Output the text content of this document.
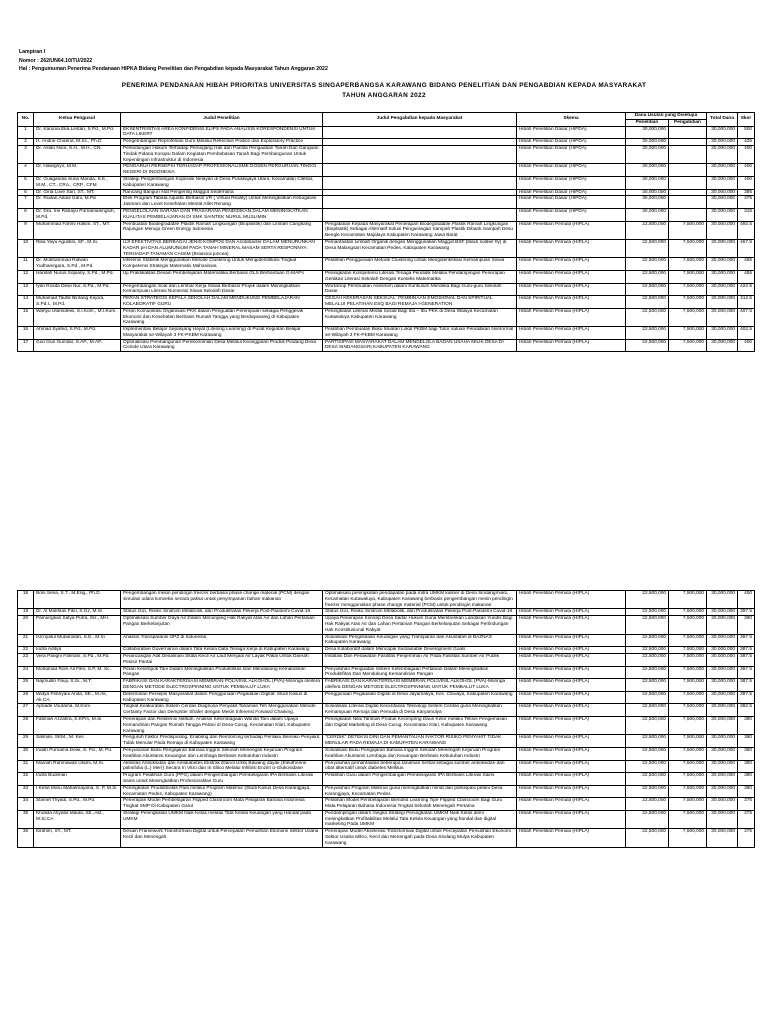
Lampiran I
Nomor : 262/UN64.10/TU/2022
Hal : Pengumuman Penerima Pendanaan HIPKA Bidang Penelitian dan Pengabdian kepada Masyarakat Tahun Anggaran 2022
PENERIMA PENDANAAN HIBAH PRIORITAS UNIVERSITAS SINGAPERBANGSA KARAWANG BIDANG PENELITIAN DAN PENGABDIAN KEPADA MASYARAKAT
TAHUN ANGGARAN 2022
No.	Ketua Pengusul	Judul Penelitian	Judul Pengabdian kepada Masyarakat	Skema	Dana Usulan yang Disetujui		Total Dana	Skor
					Penelitian	Pengabdian		
1	Dr. Karunia Eka Lestari, S.Pd., M.Pd.	EKSENTRISITAS AREA KONFIDENSI ELIPS PADA ANALISIS KORESPONDENSI UNTUK DATA LIKERT		Hibah Penelitian Dasar (HIPDA)	30,000,000		30,000,000	500
2	H. Andrie Chaerul, M.Sc., Ph.D	Pengembangan Reprofesian Guru Melalui Reflective Pratice dan Exploratory Practice		Hibah Penelitian Dasar (HIPDA)	30,000,000		30,000,000	425
3	Dr. Aslan Noor, S.H., M.H., CN.	Perlindungan Hukum Terhadap Pemegang Hak dan Pantita Pengadaan Tanah Dan Ganguan Tindak Pidana Korupsi Dalam Kegiatan Pembebasan Tanah Bagi Pembangunan Untuk Kepentingan Infrastruktur di Indonesia		Hibah Penelitian Dasar (HIPDA)	30,000,000		30,000,000	400
4	Dr. Hawignyo, M.M.	PENGARUH PERSEPSI TERHADAP PROFESIONALISME DOSEN PERGURUAN TINGGI NEGERI DI INDONESIA		Hibah Penelitian Dasar (HIPDA)	30,000,000		30,000,000	400
5	Dr. Guagandia Suria Manda, S.E., M.M., CT., CRA., CRP., CFM	Strategi Pengembangan Koperasi Nelayan di Desa Pusakajaya Utara, Kecamatan Cilebar, Kabupaten Karawang		Hibah Penelitian Dasar (HIPDA)	30,000,000		30,000,000	400
6	Dr. Gina Love Sari, ST., MT.	Rancang Bangun Alat Pengering Maggot Sederhana		Hibah Penelitian Dasar (HIPDA)	30,000,000		30,000,000	385
7	Dr. Rudan Abdul Gani, M.Pd	Efek Program Tabata Aquatic Berbasis VR ( Virtual Reality) Untuk Meningkatkan Kebugaran Jasmani dan Level Kesehatan Mental Atlet Renang		Hibah Penelitian Dasar (HIPDA)	30,000,000		30,000,000	375
8	Dr. Dra. Ine Rahayu Purnamaningsih, M.Pd.	PENGELOLAAN SARANA DAN PRASARANA PENDIDIKAN DALAM MENINGKATKAN KUALITAS PEMBELAJARAN DI SMK SAINTEK NURUL MUSLIMIN		Hibah Penelitian Dasar (HIPDA)	30,000,000		30,000,000	315
9	Muhammad Fahmi Hakim, ST., MT.	Pembuatan Biodegradable Plastik Ramah Lingkungan (Bioplastik) dari Limbah Cangkang Rajungan Menuju Green Energy Indonesia	Pengabdian Kepada Masyarakat Penerapan Biodegradable Plastik Ramah Lingkungan (Bioplastik) Sebagai Alternatif Solusi Pengurangan Sampah Plastik Dibank Sampah Desu Bengle Kecamatan Majalaya Kabupaten Karawang Jawa Barat	Hibah Penelitian Pemula (HIPLA)	22,500,000	7,500,000	30,000,000	492.5
10	Rika Yayu Agustini, SF., M.Si.	UJI EFEKTIVITAS BERBAGAI JENIS KOMPOS DAN Azotobacter DALAM MENURUNKAN KADAR pH DAN ALUMUNIUM PADA TANAH MINERAL MASAM SERTA RESPONNYA TERHADAP TANAMAN CAISIM (Brassica juncea)	Pemanfaatan Limbah Organik dengan Menggunakan Maggot BSF (black soldier fly) di Desa Malangsari Kecamatan Pedes, Kabupaten Karawang	Hibah Penelitian Pemula (HIPLA)	22,500,000	7,500,000	30,000,000	467.5
11	Dr. Mokhammad Ridwan Yudhanegara, S.Pd., M.Pd.	Inferensi Statistik Menggunakan Metode Clustering Untuk Mengidentifikasi Tingkat Kompetensi Strategis Matematis Mahasiswa	Pelatihan Penggunaan Metode Clustering Untuk Mengidentifikasi Kemampuan Siswa	Hibah Penelitian Pemula (HIPLA)	22,500,000	7,500,000	30,000,000	465
12	Hanifah Nurus Sopiany, S.Pd., M.Pd.	Uji Praktikalitas Desain Pembelajaran Matematika Berbasis GLS Berbantuan G-MAPs	Peningkatan Kompetensi Literasi Tenaga Pendidik Melalui Pendampingan Penerapan Gerakan Literasi Sekolah Dengan Konteks Matematika	Hibah Penelitian Pemula (HIPLA)	22,500,000	7,500,000	30,000,000	455
13	Iyan Rosita Dewi Nur, S.Pd., M.Pd.	Pengembangan Soal dan Lembar Kerja Siswa Berbasis Projek dalam Meningkatkan Kemampuan Literasi Numerasi Siswa Sekolah Dasar	Workshop Pembuatan Asesmen dalam Kurikulum Merdeka Bagi Guru-guru Sekolah Dasar	Hibah Penelitian Pemula (HIPLA)	22,500,000	7,500,000	30,000,000	422.5
14	Muhamad Taufik Bintang Kejora, S.Pd.I., M.Pd.	PERAN STRATEGIS KEPALA SEKOLAH DALAM MENDUKUNG PEMBELAJARAN KOLABORATIF GURU	CEGAH KEKERASAN SEKSUAL: PEMBINAAN EMOSIONAL DAN SPIRITUAL MELALUI PELATIHAN ESQ BAGI REMAJA I-GENERATION	Hibah Penelitian Pemula (HIPLA)	22,500,000	7,500,000	30,000,000	412.5
15	Wahyu Utamidewi, S.I.Kom., M.I.Kom.	Peran Komunikasi Organisasi PKK dalam Penguatan Perempuan sebagai Penggerak Ekonomi dan Kesehatan Berbasis Rumah Tangga yang Berdayasaing di Kabupaten Karawang	Peningkatan Literasi Media Sosial Bagi Ibu – Ibu PKK di Desa Waluya Kecamatan Kutawaluya Kabupaten Karawang	Hibah Penelitian Pemula (HIPLA)	22,500,000	7,500,000	30,000,000	407.5
16	Ahmad Syahid, S.Pd., M.Pd.	Implementasi Belajar Sepanjang Hayat (Lifelong Learning) di Pusat Kegiatan Belajar Masyarakat se-Wilayah 3 FK-PKBM Karawang	Pelatihan Pembuatan Buku Muatan Lokal PKBM bagi Tutor satuan Pendidikan Nonformal se-Wilayah 3 FK-PKBM Karawang	Hibah Penelitian Pemula (HIPLA)	22,500,000	7,500,000	30,000,000	402.5
17	Gun Gun Gumilar, S.AP., M.AP.	Optimalisasi Pembangunan Perekonomian Desa Melalui Keunggulan Produk Pindang Desa Cicinde Utara Karawang	PARTISIPASI MASYARAKAT DALAM MENGELOLA BADAN USAHA MILIK DESA DI DESA SINDANGSARI KABUPATEN KARAWANG	Hibah Penelitian Pemula (HIPLA)	22,500,000	7,500,000	30,000,000	400
18	Boni Sena, S.T., M.Eng., Ph.D	Pengembangan mesin pendingin freezer berbasis phase change material (PCM) dengan simulasi udara konveksi secara paksa untuk penyimpanan bahan makanan	Optimalisasi peningkatan pendapatan pada mitra UMKM kuliner di Desa Sindangmukti, Kecamatan Kutawaluya, Kabupaten Karawang berbasis pengembangan mesin pendingin freezer menggunakan phase change material (PCM) untuk pendingin makanan	Hibah Penelitian Pemula (HIPLA)	22,500,000	7,500,000	30,000,000	400
19	Dr. Al Mukhlas Fikri, S.Gz, M.Si	Status Gizi, Risiko Sindrom Metabolik, dan Produktivitas Pekerja Post-Pandemi Covid-19	Status Gizi, Risiko Sindrom Metabolik, dan Produktivitas Pekerja Post-Pandemi Covid-19	Hibah Penelitian Pemula (HIPLA)	22,500,000	7,500,000	30,000,000	397.5
20	Pamungkas Satya Putra, SH., MH.	Optimalisasi Sumber Daya Air Dalam Menunjang Hak Rakyat Atas Air dan Lahan Pertanian Pangan Berkelanjutan	Upaya Penerapan Konsep Desa Sadar Hukum Guna Memberikan Landasan Yuridis Bagi Hak Rakyat Atas Air dan Lahan Pertanian Pangan Berkelanjutan Sebagai Perlindungan Hak Konstitusional Rakyat	Hibah Penelitian Pemula (HIPLA)	22,500,000	7,500,000	30,000,000	390
21	Isro'iyatul Mubarokah, S.E., M.Si	Analisis Transparansi OPZ di Indonesia	Sosialisasi Pengelolaan Keuangan yang Transparan dan Akuntabel di BAZNAS Kabupaten Karawang	Hibah Penelitian Pemula (HIPLA)	22,500,000	7,500,000	30,000,000	387.5
22	Indra Aditya	Collaborative Governance dalam Tata Kelola Data Tenaga Kerja di Kabupaten Karawang	Desa Kolaboratif dalam Mencapai Sustainable Development Goals	Hibah Penelitian Pemula (HIPLA)	22,500,000	7,500,000	30,000,000	387.5
23	Vera Pangni Fahriani, S.Pd., M.Pd.	Perancangan Alat Desalinasi Skala Kecil Air Laut Menjadi Air Layak Pakai Untuk Daerah Pesisir Pantai	Instalasi Dan Perawatan Fasilitas Penjernihan Air Pada Fasilitas Sumber Air Publik	Hibah Penelitian Pemula (HIPLA)	22,500,000	7,500,000	30,000,000	387.5
24	Mohamad Rom Ali Fikri, S.P, M. Sc.	Peran Kelompok Tani Dalam Meningkatkan Produktifitas Dan Mendukung Kemandirian Pangan	Penyuluhan Penguatan Sistem Kelembagaan Pertanian Dalam Meningkatkan Produktifitas Dan Mendukung Kemandirian Pangan	Hibah Penelitian Pemula (HIPLA)	22,500,000	7,500,000	30,000,000	387.5
25	Najmudin Fauji, S.Si., M.T.	FABRIKASI DAN KARAKTERISASI MEMBRAN POLIVINIL ALKOHOL (PVA)-Moringa oleifera DENGAN METODE ELECTROSPINNING UNTUK PEMBALUT LUKA	FABRIKASI DAN KARAKTERISASI MEMBRAN POLIVINIL ALKOHOL (PVA)-Moringa oleifera DENGAN METODE ELECTROSPINNING UNTUK PEMBALUT LUKA	Hibah Penelitian Pemula (HIPLA)	22,500,000	7,500,000	30,000,000	387.5
26	Widya Febriyani Anita, SE., M.Ak, Ak.CA.	Determinan Persepsi Masyarakat dalam Penggunaan Pegadaian Digital: Studi Kasus di Kabupaten Karawang	Penggunaan Pegadaian Digital di Desa Jayamakya, Kec. Cibuaya, Kabupaten Karawang	Hibah Penelitian Pemula (HIPLA)	22,500,000	7,500,000	30,000,000	387.5
27	Apriade Voutama, M.Kom.	Tingkat Keakuratan Sistem Cerdas Diagnosa Penyakit Tanaman Teh Menggunakan Metode Certainty Factor dan Dempster Shafer dengan Mesin Inferensi Forward Chaining.	Sosialisasi Literasi Digital Kecerdasan Teknologi Sistem Cerdas guna Meningkatkan Kemampuan Remaja dan Pemuda di Desa Karyamulya	Hibah Penelitian Pemula (HIPLA)	22,500,000	7,500,000	30,000,000	382.5
28	Fatimah Azzahra, S.KPm, M.Si	Penerapan dan Resiliensi Nafkah: Analisis Kelembagaan Wanita Tani dalam Upaya Kemandirian Pangan Rumah Tangga Petani di Desa Curug, Kecamatan Klari, Kabupaten Karawang	Peningkatan Nilai Tambah Produk Kecimpring Daun Kelor melalui Teknik Pengemasan dan Digital Marketing di Desa Curug, Kecamatan Klari, Kabupaten Karawang	Hibah Penelitian Pemula (HIPLA)	22,500,000	7,500,000	30,000,000	380
29	Salman, SKM., M. Kes	Penguruh Faktor Predisposing, Enabling dan Reinforcing terhadap Perilaku Berisiko Penyakit Tidak Menular Pada Remaja di Kabupaten Karawang	"CERDIK" DETEKSI DINI DAN PEMANTAUAN FAKTOR RISIKO PENYAKIT TIDAK MENULAR PADA REMAJA DI KABUPATEN KARAWANG	Hibah Penelitian Pemula (HIPLA)	22,500,000	7,500,000	30,000,000	380
30	Indah Purnama Dewi, S. Pd., M. Pd.	Penyusunan Buku Pengajaran Bahasa Inggris Sekolah Menengah Kejuruan Program Keahlian Akuntansi Keuangan dan Lembaga Berbasis Kebutuhan Industri	Sosialisasi Buku Pengajaran Bahasa Inggris Sekolah Menengah Kejuruan Program Keahlian Akuntansi Lembaga dan Keuangan Berbasis Kebutuhan Industri	Hibah Penelitian Pemula (HIPLA)	22,500,000	7,500,000	30,000,000	380
31	Mamah Rahmawati Utami, M.Si.	Aktivitas Antioksidan dan Antidiabetes Ekstrak Etanol Umbi Bawang dayak (Eleutherine palmifolia (L.) Merr) Secara In Vitro dan In Silico Melalui Inhibisi Enzim α-Glukosidase	Penyuluhan pemanfaatan beberapa tanaman herbal sebagai sumber antioksidan dan obat alternatif untuk diabetes Mellitus	Hibah Penelitian Pemula (HIPLA)	22,500,000	7,500,000	30,000,000	380
32	Indra Budiman	Program Pelatihan Guru (PPG) dalam Pengembangan Pembelajaran IPA Berbasis Literasi Sains untuk Meningkatkan Profesionalitas Guru	Pelatihan Guru dalam Pengembangan Pembelajaran IPA Berbasis Literasi Sains	Hibah Penelitian Pemula (HIPLA)	22,500,000	7,500,000	30,000,000	380
33	I Ketut Maru Mahatmayana, S. P, M.Si	Peningkatan Produktivitas Padi melalui Program Makmur (Studi Kasus Desa Karangjaya, Kecamatan Pedes, Kabupaten Karawang)	Penyuluhan Program Makmur guna meningkatkan minat dan partisipasi petani Desa Karangjaya, Kecamatan Pedes	Hibah Penelitian Pemula (HIPLA)	22,500,000	7,500,000	30,000,000	380
34	Slamet Triyadi, S.Pd., M.Pd.	Penerapan Model Pembelajaran Flipped Classroom Mata Pelajaran Bahasa Indonesia Tingkat SMP Di Kabupaten Garut	Pelatihan Model Pembelajaran Blended Learning Tipe Flipped Classroom Bagi Guru Mata Pelajaran Bahasa Indonesia Tingkat Sekolah Menengah Pertama	Hibah Penelitian Pemula (HIPLA)	22,500,000	7,500,000	30,000,000	375
35	Kholida Atiyatul Maula, SE.,Akt., M.Si.CA	Strategi Peningkatan UMKM Naik Kelas melalui Tata Kelola Keuangan yang Handal pada UMKM	Pendampingan dalam rangka Strategi Peningkatan UMKM Naik Kelas demi meningkatkan Profitabilitas Melalui Tata Kelola Keuangan yang handal dan digital marketing Pada UMKM	Hibah Penelitian Pemula (HIPLA)	22,500,000	7,500,000	30,000,000	375
36	Ibrahim, ST., MT.	Desain Framework Transformasi Digital untuk Percepatan Pemulihan Ekonomi Sektor Usaha Kecil dan Menengah	Penerapan Model Akselerasi Transformasi Digital untuk Percepatan Pemulihan Ekonomi Sektor Usaha Mikro, Kecil dan Menengah pada Desa Sindang Mulya Kabupaten Karawang	Hibah Penelitian Pemula (HIPLA)	22,500,000	7,500,000	30,000,000	375
